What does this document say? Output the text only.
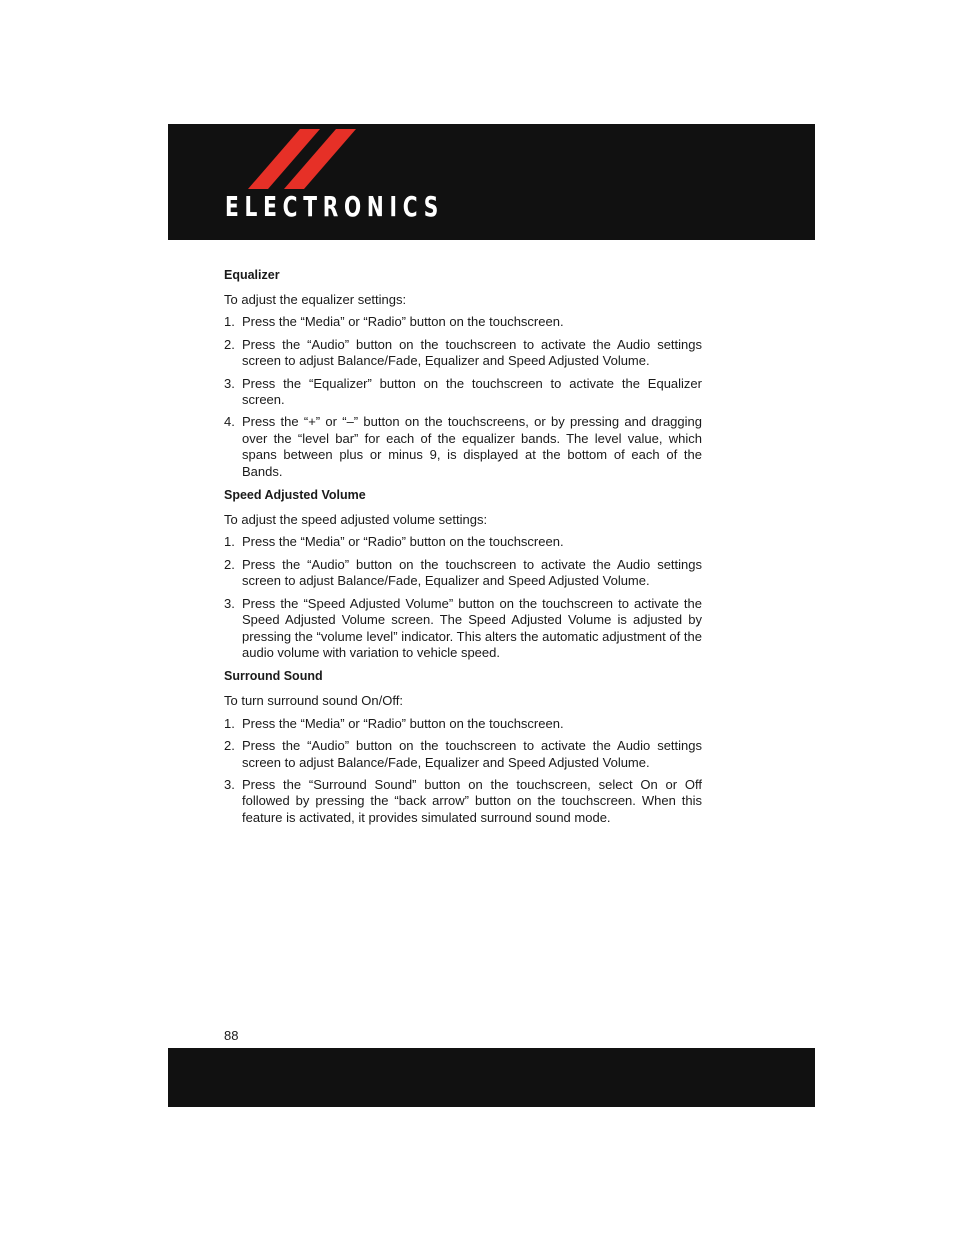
ELECTRONICS
Equalizer

To adjust the equalizer settings:

1. Press the “Media” or “Radio” button on the touchscreen.
2. Press the “Audio” button on the touchscreen to activate the Audio settings screen to adjust Balance/Fade, Equalizer and Speed Adjusted Volume.
3. Press the “Equalizer” button on the touchscreen to activate the Equalizer screen.
4. Press the “+” or “–” button on the touchscreens, or by pressing and dragging over the “level bar” for each of the equalizer bands. The level value, which spans between plus or minus 9, is displayed at the bottom of each of the Bands.
Speed Adjusted Volume

To adjust the speed adjusted volume settings:

1. Press the “Media” or “Radio” button on the touchscreen.
2. Press the “Audio” button on the touchscreen to activate the Audio settings screen to adjust Balance/Fade, Equalizer and Speed Adjusted Volume.
3. Press the “Speed Adjusted Volume” button on the touchscreen to activate the Speed Adjusted Volume screen. The Speed Adjusted Volume is adjusted by pressing the “volume level” indicator. This alters the automatic adjustment of the audio volume with variation to vehicle speed.
Surround Sound

To turn surround sound On/Off:

1. Press the “Media” or “Radio” button on the touchscreen.
2. Press the “Audio” button on the touchscreen to activate the Audio settings screen to adjust Balance/Fade, Equalizer and Speed Adjusted Volume.
3. Press the “Surround Sound” button on the touchscreen, select On or Off followed by pressing the “back arrow” button on the touchscreen. When this feature is activated, it provides simulated surround sound mode.
88
